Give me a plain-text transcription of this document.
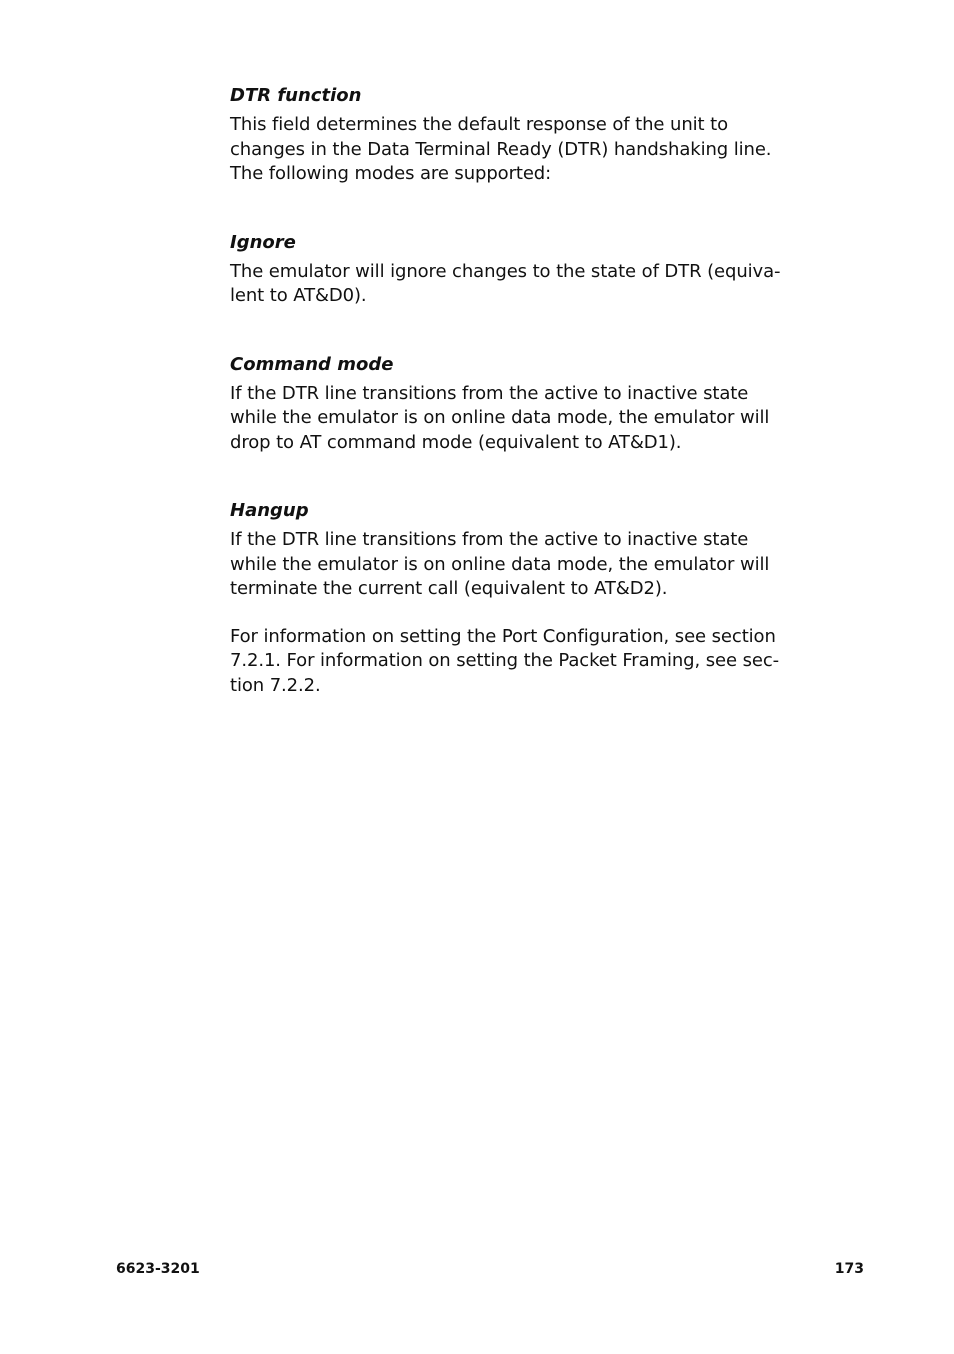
DTR function

This field determines the default response of the unit to
changes in the Data Terminal Ready (DTR) handshaking line.
The following modes are supported:

Ignore

The emulator will ignore changes to the state of DTR (equiva-
lent to AT&D0).

Command mode

If the DTR line transitions from the active to inactive state
while the emulator is on online data mode, the emulator will
drop to AT command mode (equivalent to AT&D1).

Hangup

If the DTR line transitions from the active to inactive state
while the emulator is on online data mode, the emulator will
terminate the current call (equivalent to AT&D2).

For information on setting the Port Configuration, see section
7.2.1. For information on setting the Packet Framing, see sec-
tion 7.2.2.

6623-3201	173
